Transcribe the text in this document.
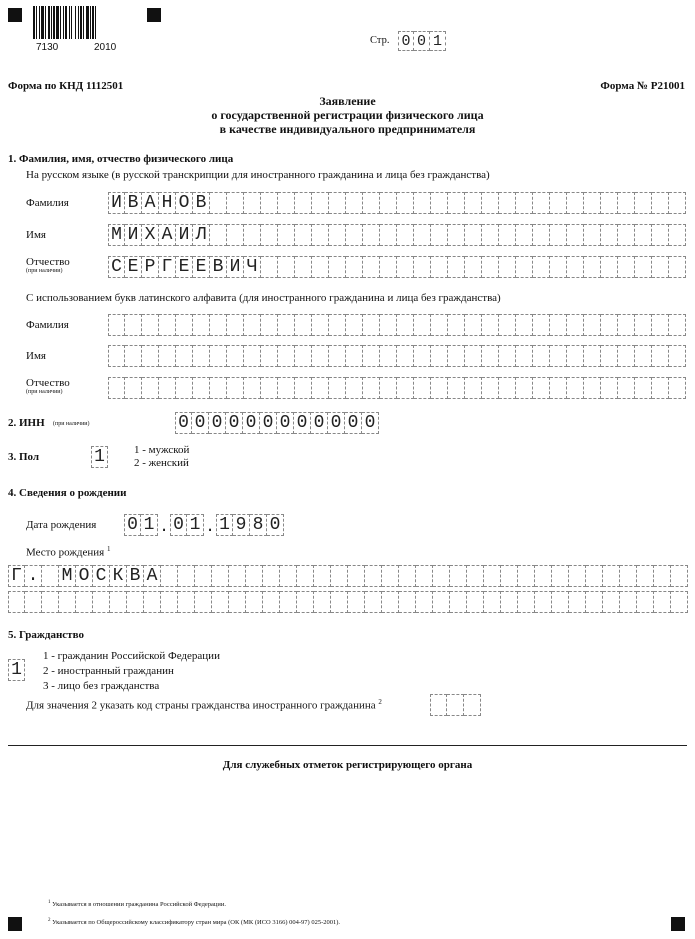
7130	2010
Стр. 0 0 1
Форма по КНД 1112501	Форма № Р21001
Заявление
о государственной регистрации физического лица
в качестве индивидуального предпринимателя
1. Фамилия, имя, отчество физического лица
На русском языке (в русской транскрипции для иностранного гражданина и лица без гражданства)
Фамилия И В А Н О В
Имя	М И Х А И Л
Отчество
(при наличии)	С Е Р Г Е Е В И Ч
С использованием букв латинского алфавита (для иностранного гражданина и лица без гражданства)
Фамилия
Имя
Отчество
(при наличии)
2. ИНН (при наличии)	0 0 0 0 0 0 0 0 0 0 0 0
3. Пол	1	1 - мужской
2 - женский
4. Сведения о рождении
Дата рождения 0 1 . 0 1 . 1 9 8 0
Место рождения $^1$
Г . М О С К В А
5. Гражданство
1
1 - гражданин Российской Федерации
2 - иностранный гражданин
3 - лицо без гражданства
Для значения 2 указать код страны гражданства иностранного гражданина $^2$
Для служебных отметок регистрирующего органа
$^1$ Указывается в отношении гражданина Российской Федерации.
$^2$ Указывается по Общероссийскому классификатору стран мира (ОК (МК (ИСО 3166) 004-97) 025-2001).
